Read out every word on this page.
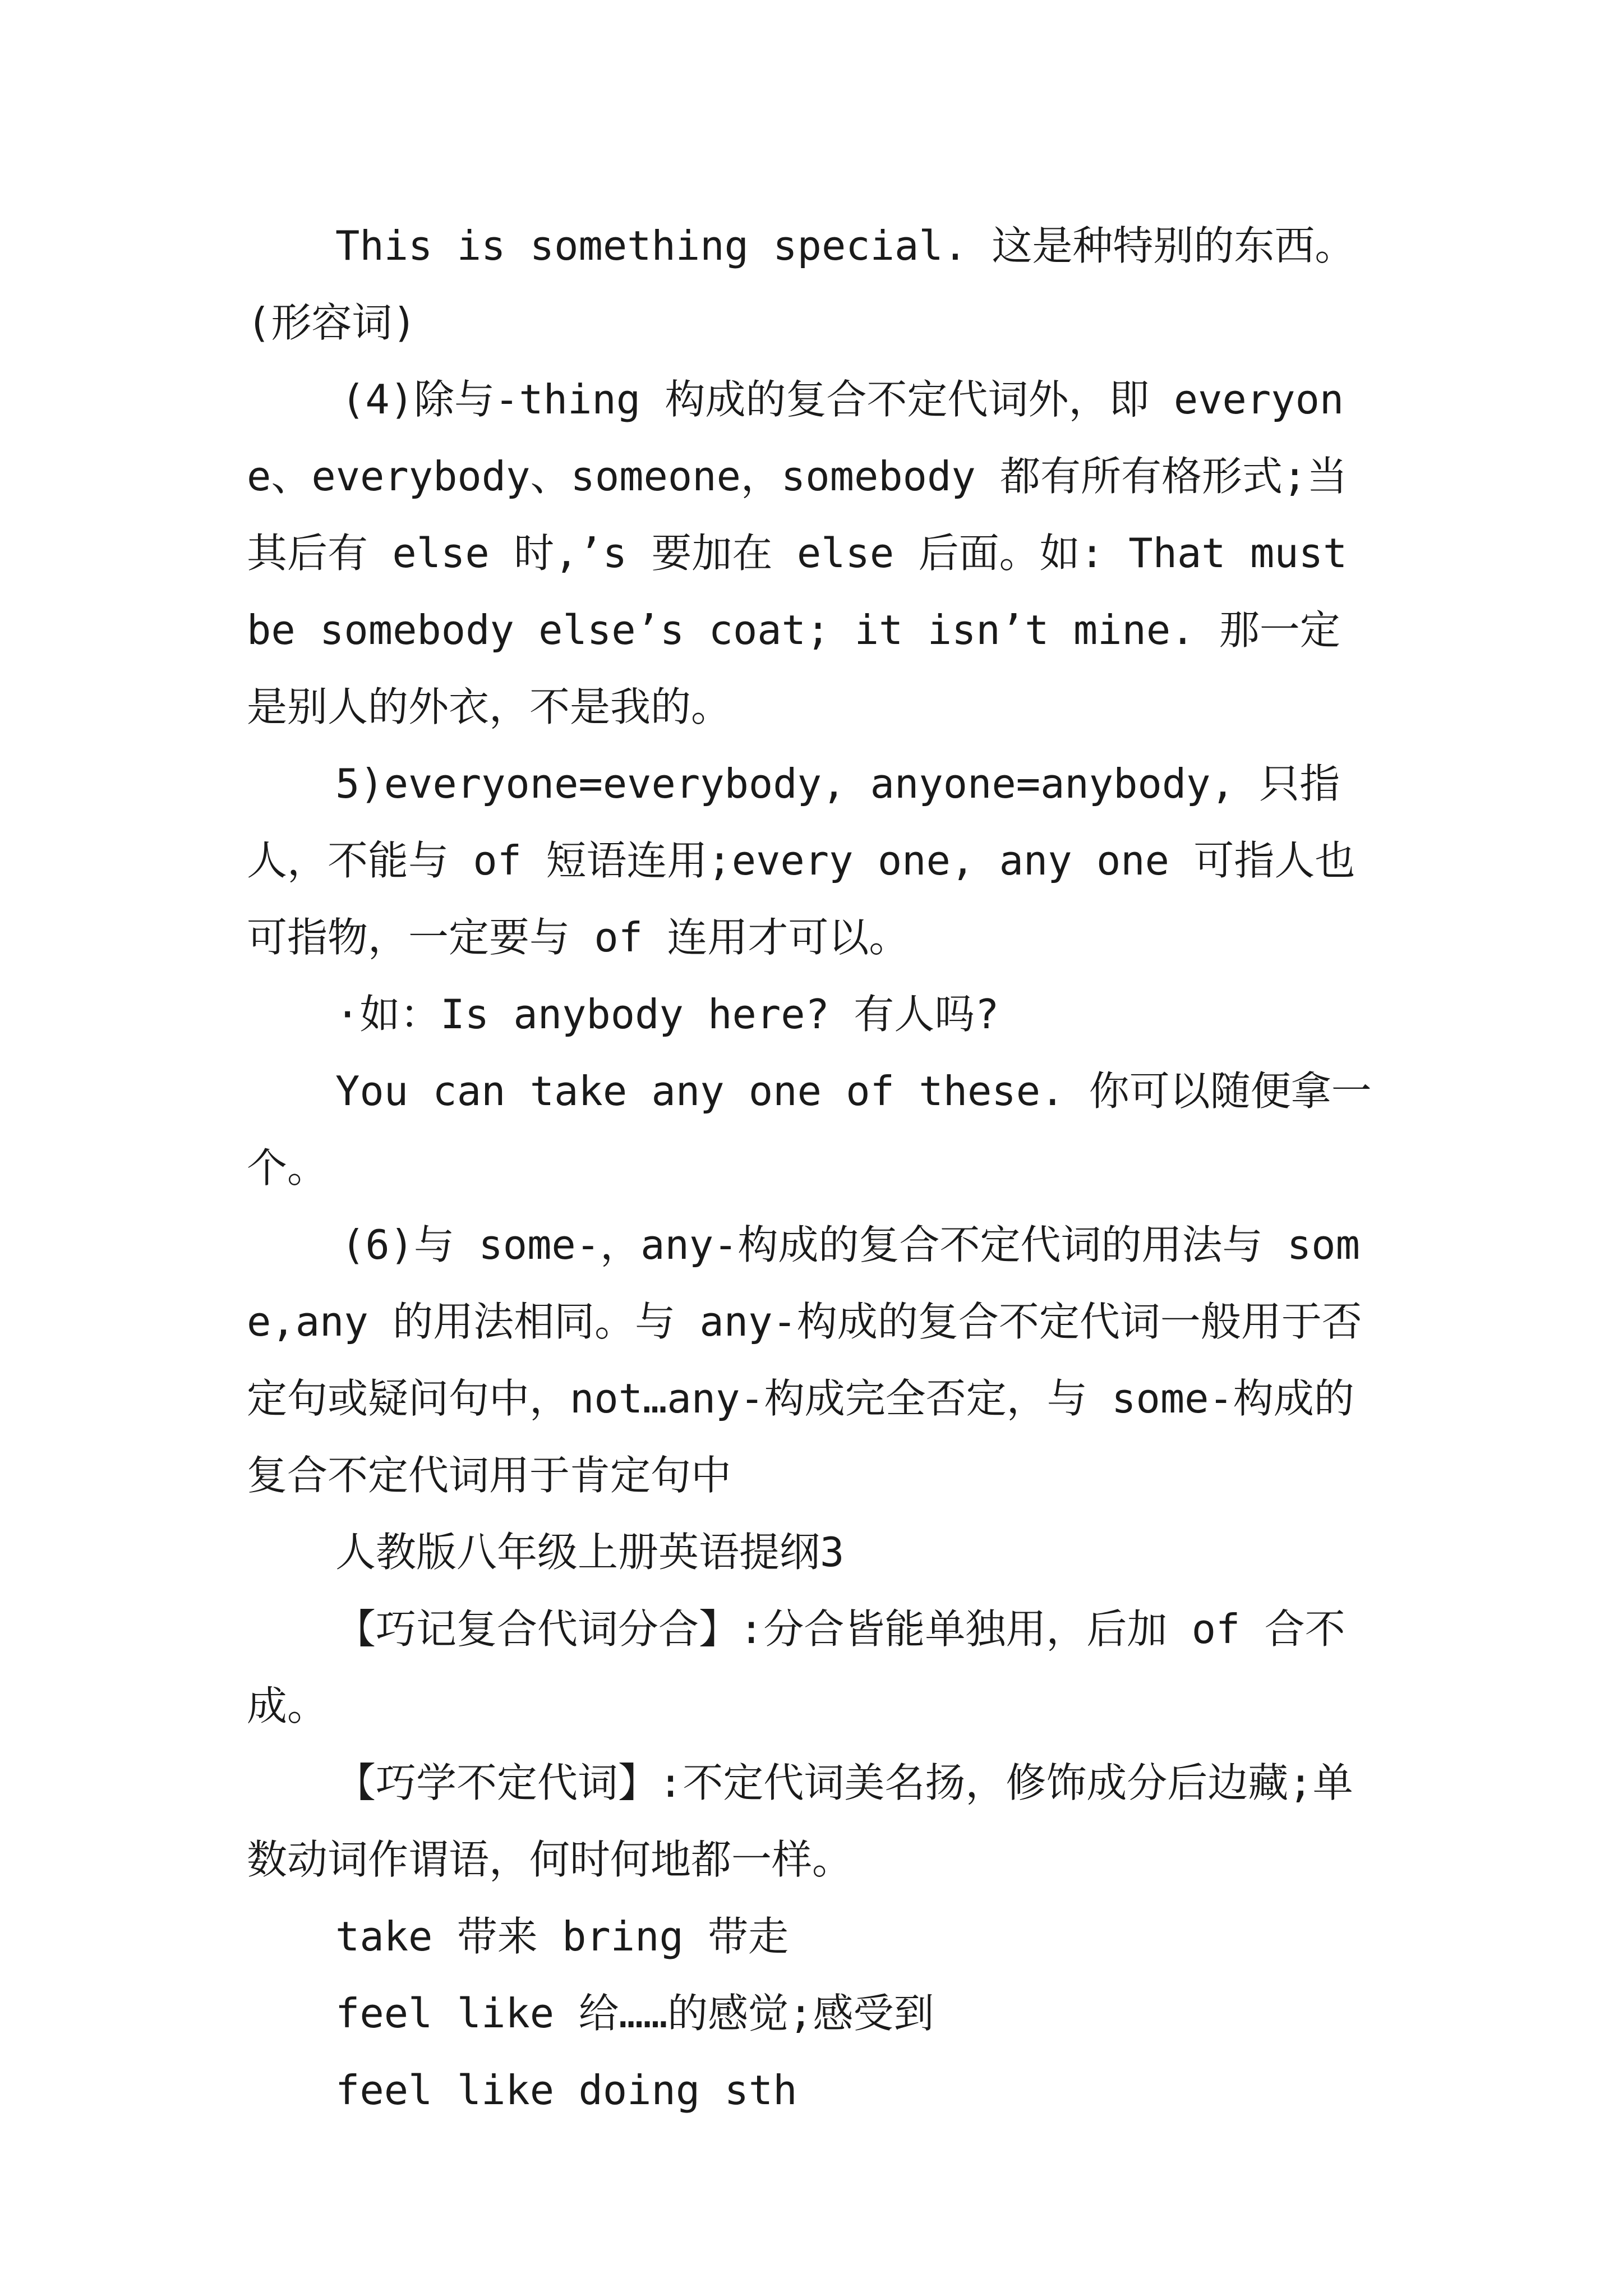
This is something special. 这是种特别的东西。(形容词)

(4)除与-thing 构成的复合不定代词外，即 everyone、everybody、someone，somebody 都有所有格形式;当其后有 else 时,’s 要加在 else 后面。如: That must be somebody else’s coat; it isn’t mine. 那一定是别人的外衣，不是我的。

5)everyone=everybody, anyone=anybody, 只指人，不能与 of 短语连用;every one, any one 可指人也可指物，一定要与 of 连用才可以。

·如：Is anybody here? 有人吗?

You can take any one of these. 你可以随便拿一个。

(6)与 some-，any-构成的复合不定代词的用法与 some,any 的用法相同。与 any-构成的复合不定代词一般用于否定句或疑问句中，not…any-构成完全否定，与 some-构成的复合不定代词用于肯定句中

人教版八年级上册英语提纲3

【巧记复合代词分合】:分合皆能单独用，后加 of 合不成。

【巧学不定代词】:不定代词美名扬，修饰成分后边藏;单数动词作谓语，何时何地都一样。

take 带来 bring 带走

feel like 给……的感觉;感受到

feel like doing sth
